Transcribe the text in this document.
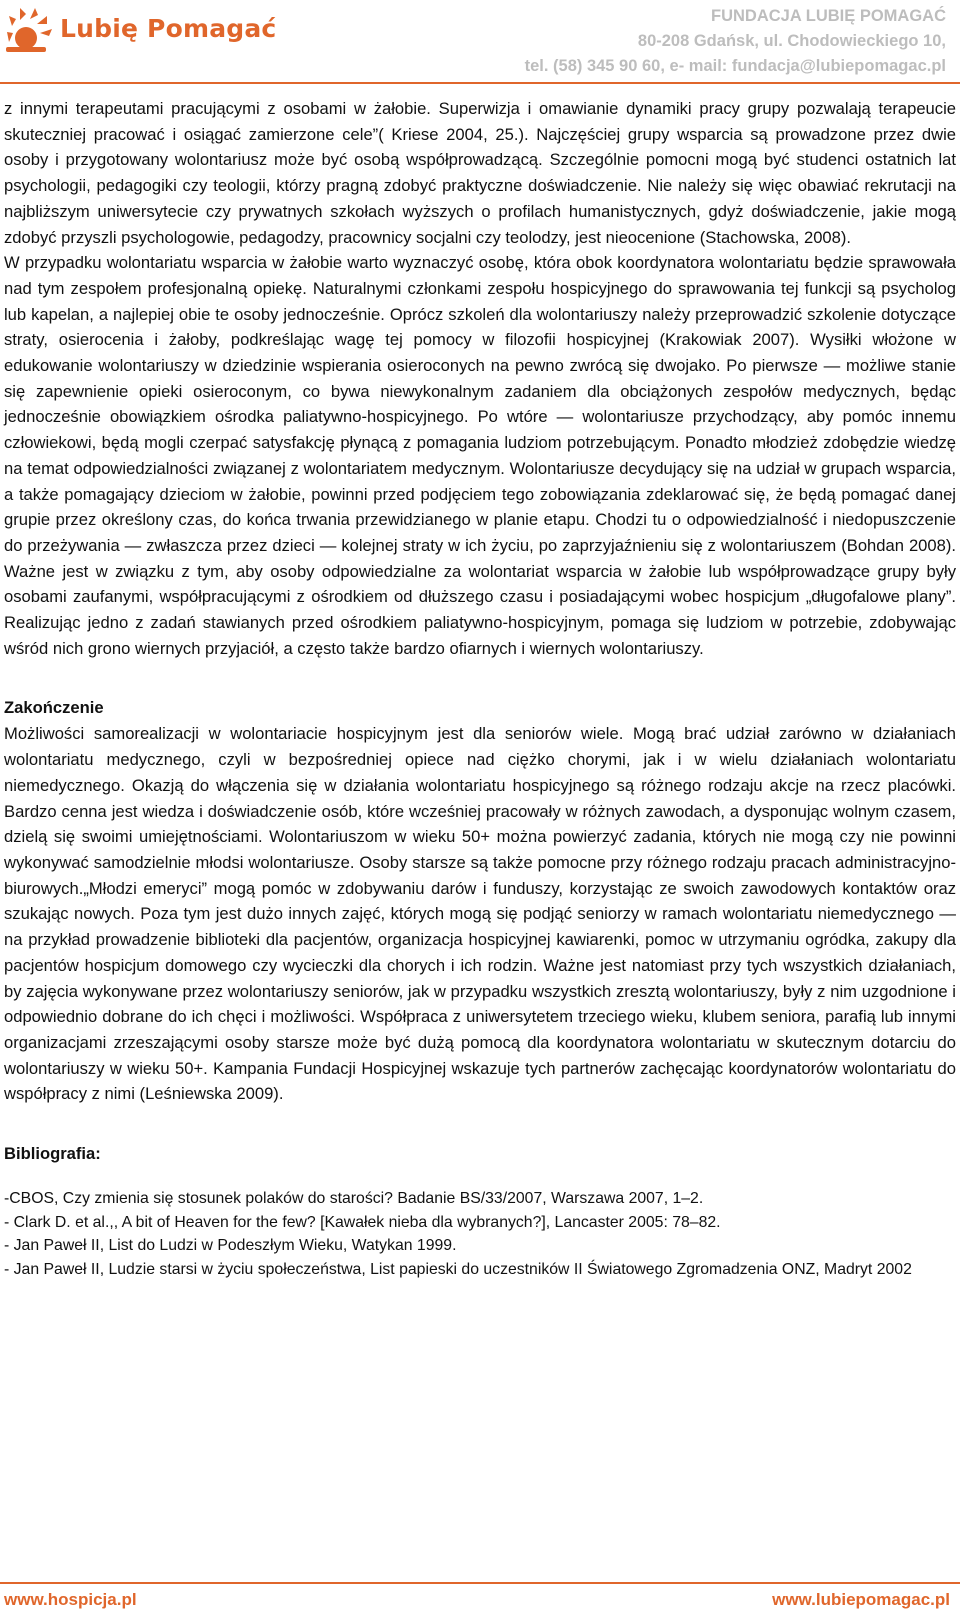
Lubię Pomagać	FUNDACJA LUBIĘ POMAGAĆ
80-208 Gdańsk, ul. Chodowieckiego 10,
tel. (58) 345 90 60, e- mail: fundacja@lubiepomagac.pl

z innymi terapeutami pracującymi z osobami w żałobie. Superwizja i omawianie dynamiki pracy grupy pozwalają terapeucie skuteczniej pracować i osiągać zamierzone cele”( Kriese 2004, 25.). Najczęściej grupy wsparcia są prowadzone przez dwie osoby i przygotowany wolontariusz może być osobą współprowadzącą. Szczególnie pomocni mogą być studenci ostatnich lat psychologii, pedagogiki czy teologii, którzy pragną zdobyć praktyczne doświadczenie. Nie należy się więc obawiać rekrutacji na najbliższym uniwersytecie czy prywatnych szkołach wyższych o profilach humanistycznych, gdyż doświadczenie, jakie mogą zdobyć przyszli psychologowie, pedagodzy, pracownicy socjalni czy teolodzy, jest nieocenione (Stachowska, 2008).

W przypadku wolontariatu wsparcia w żałobie warto wyznaczyć osobę, która obok koordynatora wolontariatu będzie sprawowała nad tym zespołem profesjonalną opiekę. Naturalnymi członkami zespołu hospicyjnego do sprawowania tej funkcji są psycholog lub kapelan, a najlepiej obie te osoby jednocześnie. Oprócz szkoleń dla wolontariuszy należy przeprowadzić szkolenie dotyczące straty, osierocenia i żałoby, podkreślając wagę tej pomocy w filozofii hospicyjnej (Krakowiak 2007). Wysiłki włożone w edukowanie wolontariuszy w dziedzinie wspierania osieroconych na pewno zwrócą się dwojako. Po pierwsze — możliwe stanie się zapewnienie opieki osieroconym, co bywa niewykonalnym zadaniem dla obciążonych zespołów medycznych, będąc jednocześnie obowiązkiem ośrodka paliatywno-hospicyjnego. Po wtóre — wolontariusze przychodzący, aby pomóc innemu człowiekowi, będą mogli czerpać satysfakcję płynącą z pomagania ludziom potrzebującym. Ponadto młodzież zdobędzie wiedzę na temat odpowiedzialności związanej z wolontariatem medycznym. Wolontariusze decydujący się na udział w grupach wsparcia, a także pomagający dzieciom w żałobie, powinni przed podjęciem tego zobowiązania zdeklarować się, że będą pomagać danej grupie przez określony czas, do końca trwania przewidzianego w planie etapu. Chodzi tu o odpowiedzialność i niedopuszczenie do przeżywania — zwłaszcza przez dzieci — kolejnej straty w ich życiu, po zaprzyjaźnieniu się z wolontariuszem (Bohdan 2008). Ważne jest w związku z tym, aby osoby odpowiedzialne za wolontariat wsparcia w żałobie lub współprowadzące grupy były osobami zaufanymi, współpracującymi z ośrodkiem od dłuższego czasu i posiadającymi wobec hospicjum „długofalowe plany”. Realizując jedno z zadań stawianych przed ośrodkiem paliatywno-hospicyjnym, pomaga się ludziom w potrzebie, zdobywając wśród nich grono wiernych przyjaciół, a często także bardzo ofiarnych i wiernych wolontariuszy.

Zakończenie

Możliwości samorealizacji w wolontariacie hospicyjnym jest dla seniorów wiele. Mogą brać udział zarówno w działaniach wolontariatu medycznego, czyli w bezpośredniej opiece nad ciężko chorymi, jak i w wielu działaniach wolontariatu niemedycznego. Okazją do włączenia się w działania wolontariatu hospicyjnego są różnego rodzaju akcje na rzecz placówki. Bardzo cenna jest wiedza i doświadczenie osób, które wcześniej pracowały w różnych zawodach, a dysponując wolnym czasem, dzielą się swoimi umiejętnościami. Wolontariuszom w wieku 50+ można powierzyć zadania, których nie mogą czy nie powinni wykonywać samodzielnie młodsi wolontariusze. Osoby starsze są także pomocne przy różnego rodzaju pracach administracyjno-biurowych.„Młodzi emeryci” mogą pomóc w zdobywaniu darów i funduszy, korzystając ze swoich zawodowych kontaktów oraz szukając nowych. Poza tym jest dużo innych zajęć, których mogą się podjąć seniorzy w ramach wolontariatu niemedycznego — na przykład prowadzenie biblioteki dla pacjentów, organizacja hospicyjnej kawiarenki, pomoc w utrzymaniu ogródka, zakupy dla pacjentów hospicjum domowego czy wycieczki dla chorych i ich rodzin. Ważne jest natomiast przy tych wszystkich działaniach, by zajęcia wykonywane przez wolontariuszy seniorów, jak w przypadku wszystkich zresztą wolontariuszy, były z nim uzgodnione i odpowiednio dobrane do ich chęci i możliwości. Współpraca z uniwersytetem trzeciego wieku, klubem seniora, parafią lub innymi organizacjami zrzeszającymi osoby starsze może być dużą pomocą dla koordynatora wolontariatu w skutecznym dotarciu do wolontariuszy w wieku 50+. Kampania Fundacji Hospicyjnej wskazuje tych partnerów zachęcając koordynatorów wolontariatu do współpracy z nimi (Leśniewska 2009).

Bibliografia:
-CBOS, Czy zmienia się stosunek polaków do starości? Badanie BS/33/2007, Warszawa 2007, 1–2.
- Clark D. et al.,, A bit of Heaven for the few? [Kawałek nieba dla wybranych?], Lancaster 2005: 78–82.
- Jan Paweł II, List do Ludzi w Podeszłym Wieku, Watykan 1999.
- Jan Paweł II, Ludzie starsi w życiu społeczeństwa, List papieski do uczestników II Światowego Zgromadzenia ONZ, Madryt 2002
www.hospicja.pl	www.lubiepomagac.pl
